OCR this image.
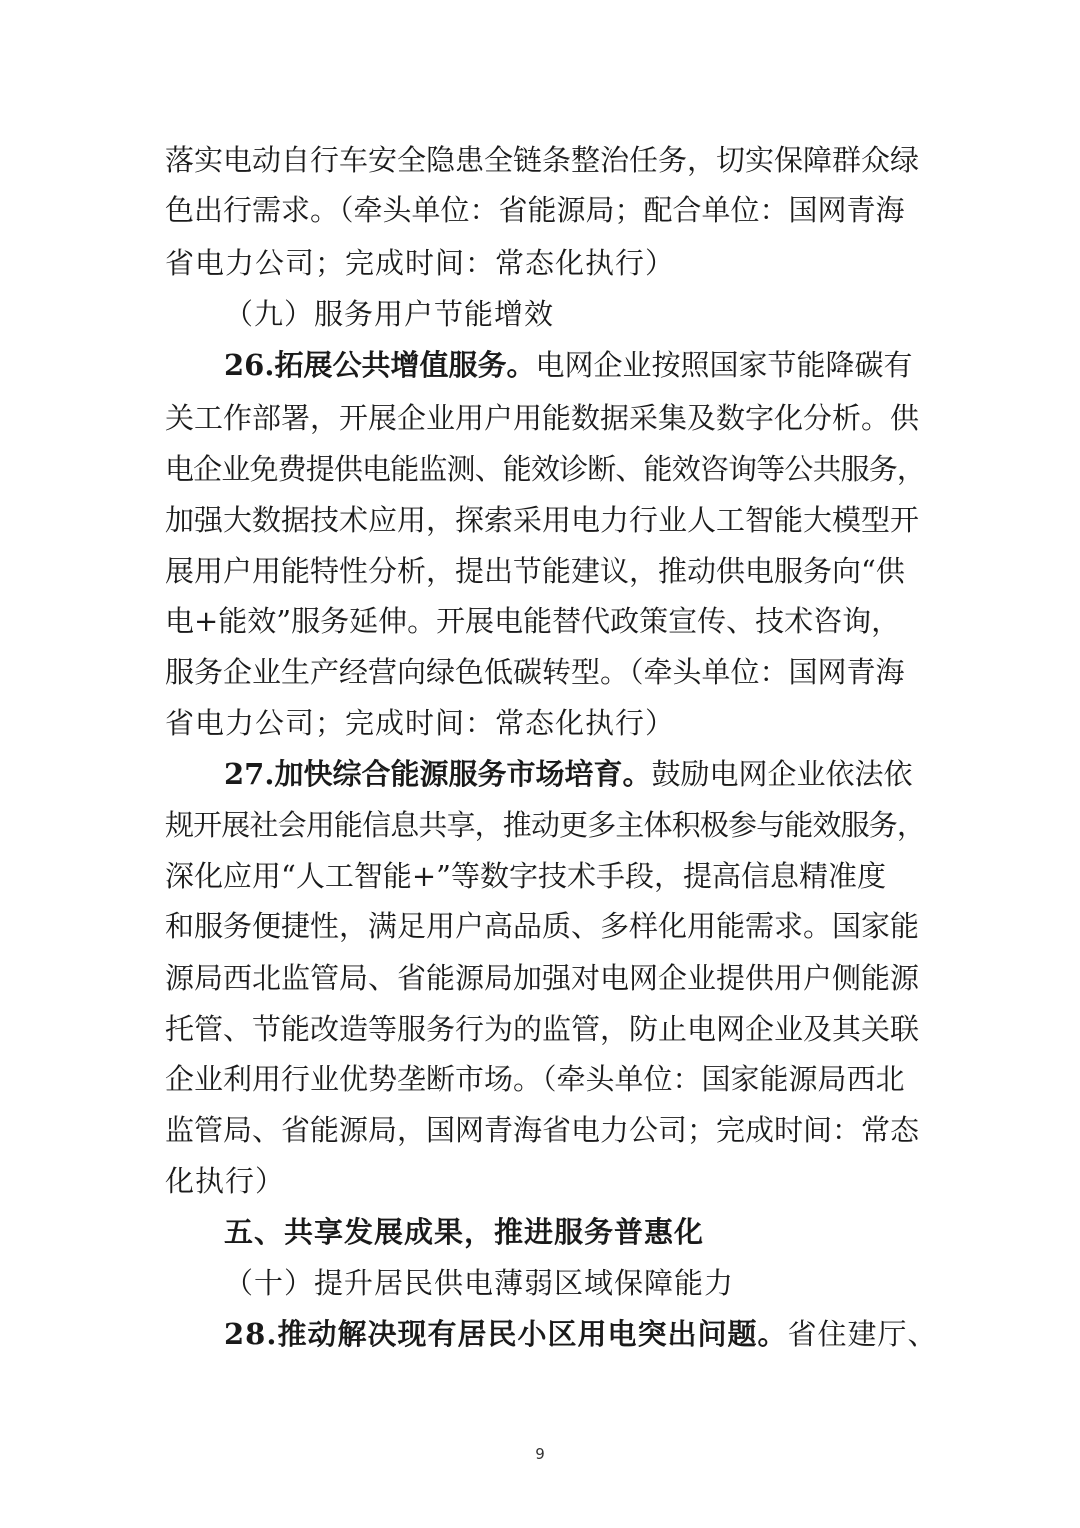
落实电动自行车安全隐患全链条整治任务，切实保障群众绿
色出行需求。（牵头单位：省能源局；配合单位：国网青海
省电力公司；完成时间：常态化执行）
（九）服务用户节能增效
26.拓展公共增值服务。电网企业按照国家节能降碳有
关工作部署，开展企业用户用能数据采集及数字化分析。供
电企业免费提供电能监测、能效诊断、能效咨询等公共服务，
加强大数据技术应用，探索采用电力行业人工智能大模型开
展用户用能特性分析，提出节能建议，推动供电服务向“供
电+能效”服务延伸。开展电能替代政策宣传、技术咨询，
服务企业生产经营向绿色低碳转型。（牵头单位：国网青海
省电力公司；完成时间：常态化执行）
27.加快综合能源服务市场培育。鼓励电网企业依法依
规开展社会用能信息共享，推动更多主体积极参与能效服务，
深化应用“人工智能+”等数字技术手段，提高信息精准度
和服务便捷性，满足用户高品质、多样化用能需求。国家能
源局西北监管局、省能源局加强对电网企业提供用户侧能源
托管、节能改造等服务行为的监管，防止电网企业及其关联
企业利用行业优势垄断市场。（牵头单位：国家能源局西北
监管局、省能源局，国网青海省电力公司；完成时间：常态
化执行）
五、共享发展成果，推进服务普惠化
（十）提升居民供电薄弱区域保障能力
28.推动解决现有居民小区用电突出问题。省住建厅、
9
